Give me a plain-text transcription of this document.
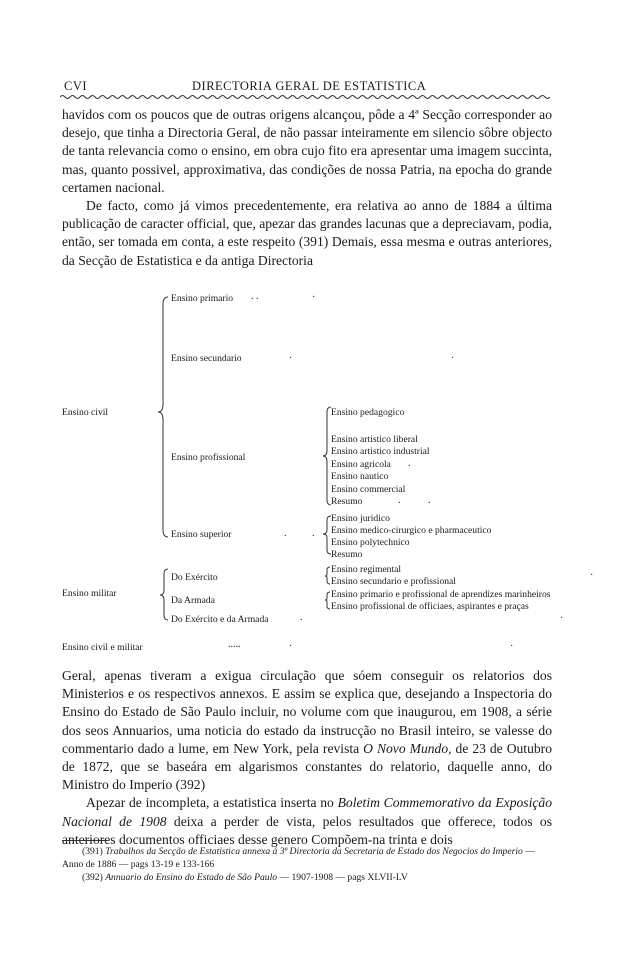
CVI	DIRECTORIA GERAL DE ESTATISTICA

havidos com os poucos que de outras origens alcançou, pôde a 4ª Secção corresponder ao desejo, que tinha a Directoria Geral, de não passar inteiramente em silencio sôbre objecto de tanta relevancia como o ensino, em obra cujo fito era apresentar uma imagem succinta, mas, quanto possivel, approximativa, das condições de nossa Patria, na epocha do grande certamen nacional.

De facto, como já vimos precedentemente, era relativa ao anno de 1884 a última publicação de caracter official, que, apezar das grandes lacunas que a depreciavam, podia, então, ser tomada em conta, a este respeito (391) Demais, essa mesma e outras anteriores, da Secção de Estatistica e da antiga Directoria

Ensino primario . .	·
Ensino secundario	·	·
Ensino civil	Ensino pedagogico
Ensino artistico liberal
Ensino artistico industrial
Ensino profissional
Ensino agricola .
Ensino nautico
Ensino commercial
Resumo	.	.
Ensino juridico
Ensino medico-cirurgico e pharmaceutico
Ensino superior	.	.
Ensino polytechnico
Resumo
Ensino regimental
Do Exército	Ensino secundario e profissional
·
Ensino militar	Ensino primario e profissional de aprendizes marinheiros
Da Armada
Ensino profissional de officiaes, aspirantes e praças
Do Exército e da Armada	.	·
Ensino civil e militar	.....	·	·

Geral, apenas tiveram a exigua circulação que sóem conseguir os relatorios dos Ministerios e os respectivos annexos. E assim se explica que, desejando a Inspectoria do Ensino do Estado de São Paulo incluir, no volume com que inaugurou, em 1908, a série dos seos Annuarios, uma noticia do estado da instrucção no Brasil inteiro, se valesse do commentario dado a lume, em New York, pela revista O Novo Mundo, de 23 de Outubro de 1872, que se baseára em algarismos constantes do relatorio, daquelle anno, do Ministro do Imperio (392)

Apezar de incompleta, a estatistica inserta no Boletim Commemorativo da Exposição Nacional de 1908 deixa a perder de vista, pelos resultados que offerece, todos os anteriores documentos officiaes desse genero Compõem-na trinta e dois

(391) Trabalhos da Secção de Estatistica annexa á 3ª Directoria da Secretaria de Estado dos Negocios do Imperio — Anno de 1886 — pags 13-19 e 133-166
(392) Annuario do Ensino do Estado de São Paulo — 1907-1908 — pags XLVII-LV
